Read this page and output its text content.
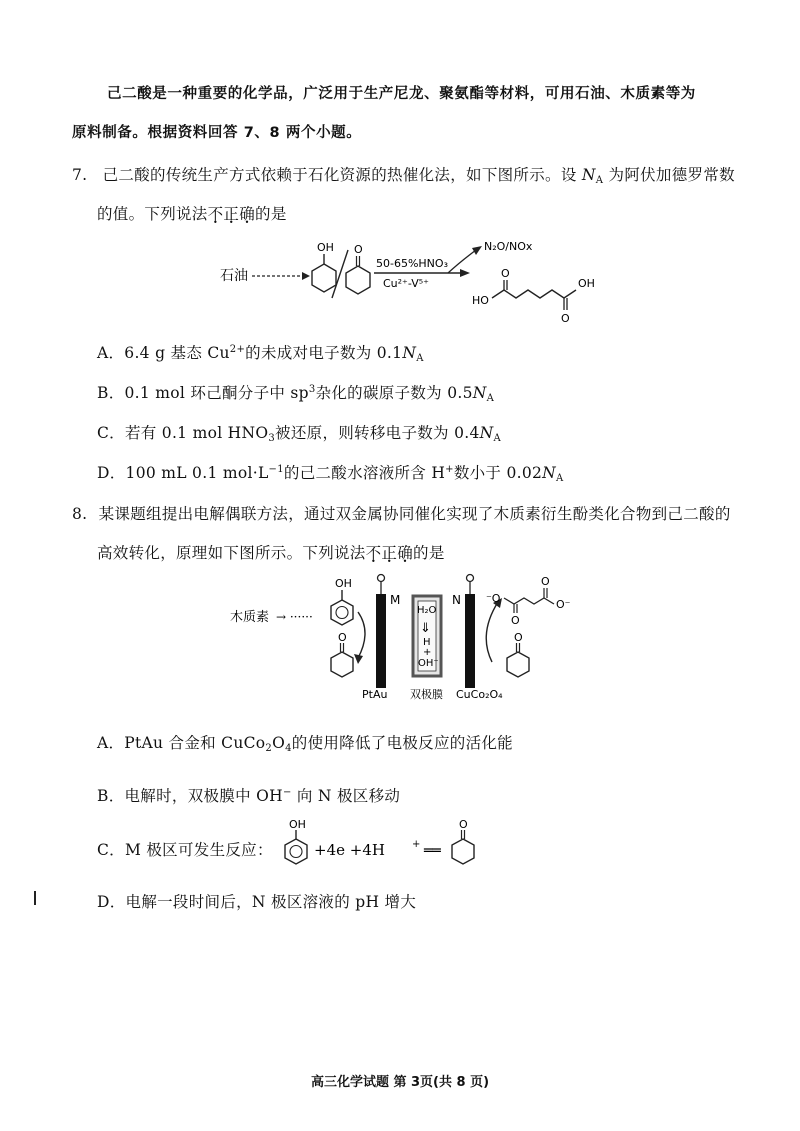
己二酸是一种重要的化学品，广泛用于生产尼龙、聚氨酯等材料，可用石油、木质素等为
原料制备。根据资料回答 7、8 两个小题。
7. 己二酸的传统生产方式依赖于石化资源的热催化法，如下图所示。设 $N_A$ 为阿伏加德罗常数
的值。下列说法不正确的是
石油
OH O
50-65%HNO₃
Cu²⁺-V⁵⁺
N₂O/NOx
O
HO
O
OH
A．6.4 g 基态 $Cu^{2+}$的未成对电子数为 $0.1N_A$
B．0.1 mol 环己酮分子中 $sp^3$杂化的碳原子数为 $0.5N_A$
C．若有 0.1 mol $HNO_3$被还原，则转移电子数为 $0.4N_A$
D．100 mL 0.1 $mol\cdot L^{-1}$的己二酸水溶液所含 H+数小于 $0.02N_A$
8. 某课题组提出电解偶联方法，通过双金属协同催化实现了木质素衍生酚类化合物到己二酸的
高效转化，原理如下图所示。下列说法不正确的是
木质素 → ······
OH
O
M
H₂O
⇓
H
+
OH⁻
N
O
⁻O
O
O
O⁻
PtAu 双极膜 CuCo₂O₄
A．PtAu 合金和 $CuCo_2O_4$的使用降低了电极反应的活化能
B．电解时，双极膜中 OH− 向 N 极区移动
C．M 极区可发生反应：
OH
+4e +4H	+ ══
O
D．电解一段时间后，N 极区溶液的 pH 增大
高三化学试题 第 3页(共 8 页)
